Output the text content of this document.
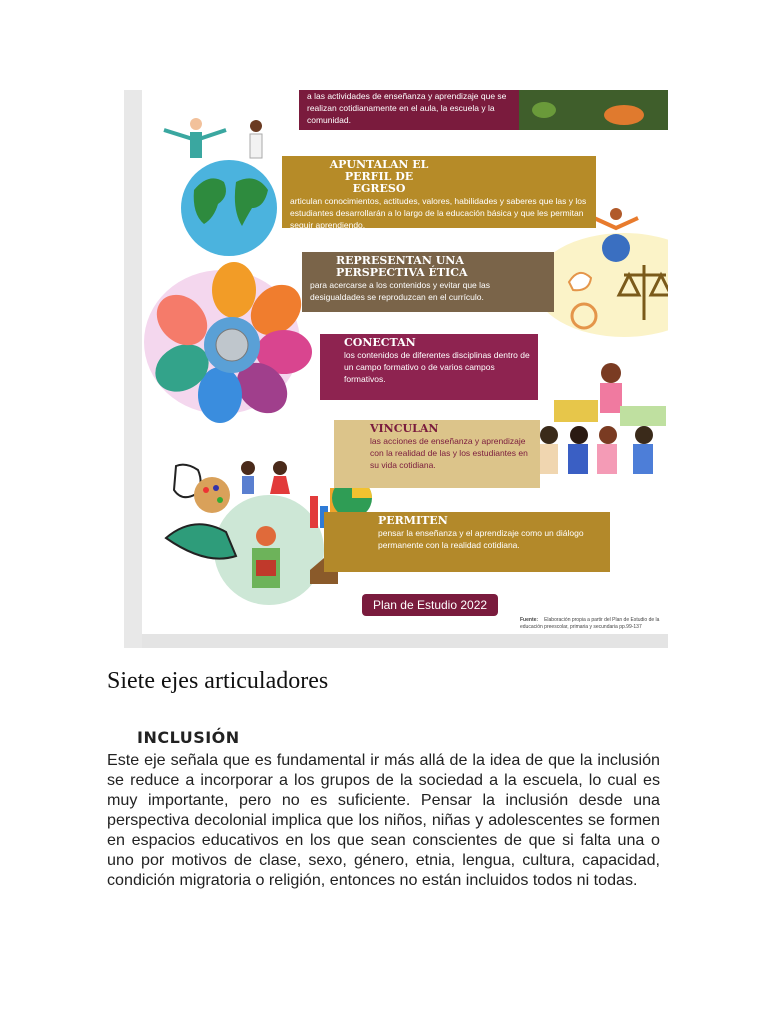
a las actividades de enseñanza y aprendizaje que se realizan cotidianamente en el aula, la escuela y la comunidad.
APUNTALAN EL PERFIL DE EGRESO
articulan conocimientos, actitudes, valores, habilidades y saberes que las y los estudiantes desarrollarán a lo largo de la educación básica y que les permitan seguir aprendiendo.
REPRESENTAN UNA PERSPECTIVA ÉTICA
para acercarse a los contenidos y evitar que las desigualdades se reproduzcan en el currículo.
CONECTAN
los contenidos de diferentes disciplinas dentro de un campo formativo o de varios campos formativos.
VINCULAN
las acciones de enseñanza y aprendizaje con la realidad de las y los estudiantes en su vida cotidiana.
PERMITEN
pensar la enseñanza y el aprendizaje como un diálogo permanente con la realidad cotidiana.
Plan de Estudio 2022
Fuente: Elaboración propia a partir del Plan de Estudio de la educación preescolar, primaria y secundaria pp.99-137
Siete ejes articuladores
INCLUSIÓN

Este eje señala que es fundamental ir más allá de la idea de que la inclusión se reduce a incorporar a los grupos de la sociedad a la escuela, lo cual es muy importante, pero no es suficiente. Pensar la inclusión desde una perspectiva decolonial implica que los niños, niñas y adolescentes se formen en espacios educativos en los que sean conscientes de que si falta una o uno por motivos de clase, sexo, género, etnia, lengua, cultura, capacidad, condición migratoria o religión, entonces no están incluidos todos ni todas.
